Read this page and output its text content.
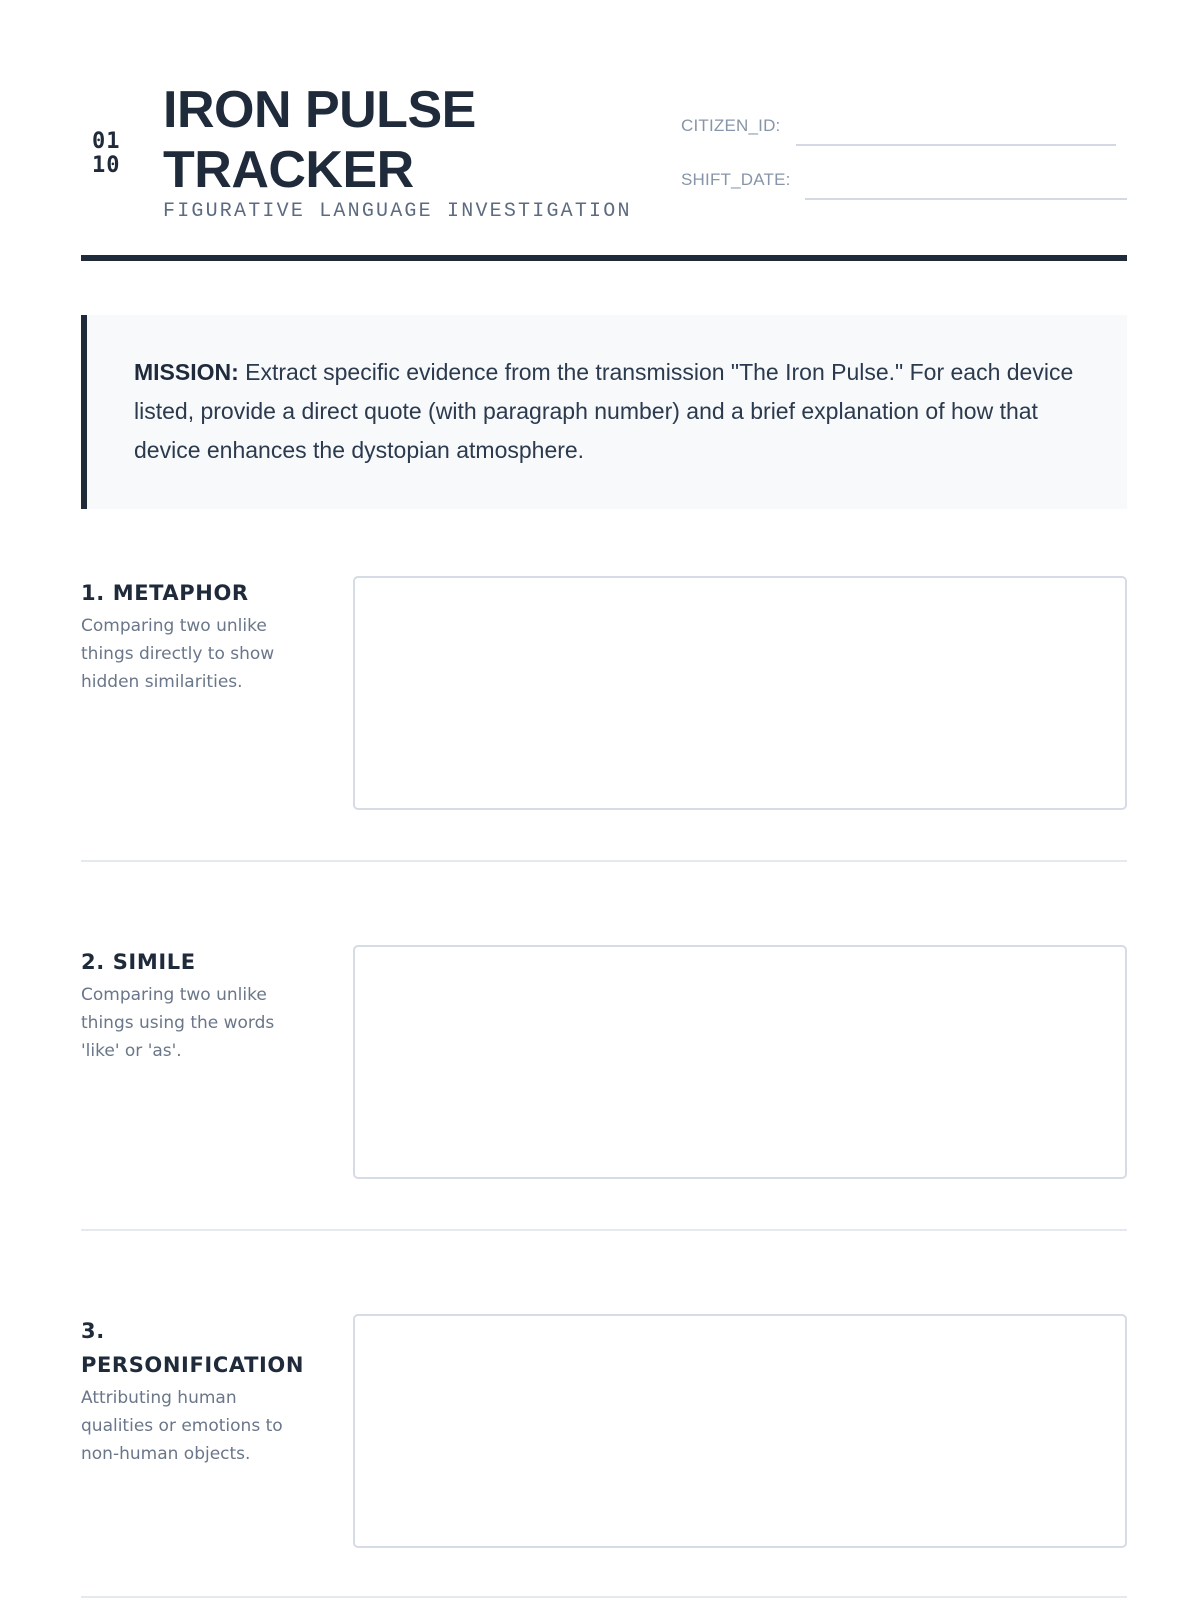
01
10
IRON PULSE TRACKER
FIGURATIVE LANGUAGE INVESTIGATION
CITIZEN_ID:
SHIFT_DATE:

MISSION: Extract specific evidence from the transmission "The Iron Pulse." For each device listed, provide a direct quote (with paragraph number) and a brief explanation of how that device enhances the dystopian atmosphere.

1. METAPHOR

Comparing two unlike things directly to show hidden similarities.

2. SIMILE

Comparing two unlike things using the words 'like' or 'as'.

3. PERSONIFICATION

Attributing human qualities or emotions to non-human objects.
